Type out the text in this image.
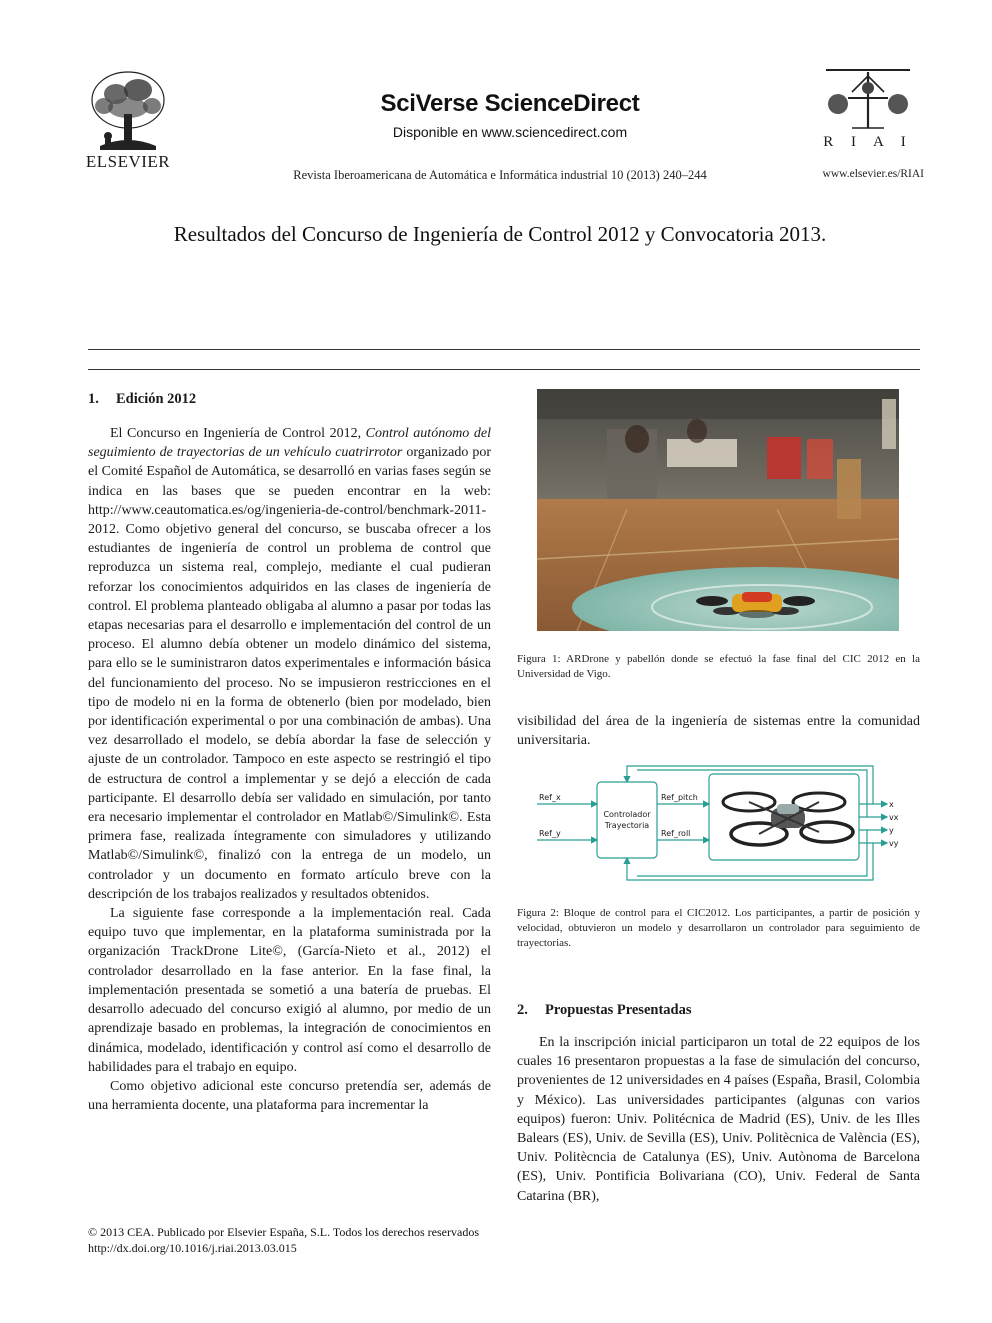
ELSEVIER
SciVerse ScienceDirect
Disponible en www.sciencedirect.com
Revista Iberoamericana de Automática e Informática industrial 10 (2013) 240–244
R I A I
www.elsevier.es/RIAI
Resultados del Concurso de Ingeniería de Control 2012 y Convocatoria 2013.
1. Edición 2012

El Concurso en Ingeniería de Control 2012, Control autónomo del seguimiento de trayectorias de un vehículo cuatrirrotor organizado por el Comité Español de Automática, se desarrolló en varias fases según se indica en las bases que se pueden encontrar en la web: http://www.ceautomatica.es/og/ingenieria-de-control/benchmark-2011-2012. Como objetivo general del concurso, se buscaba ofrecer a los estudiantes de ingeniería de control un problema de control que reproduzca un sistema real, complejo, mediante el cual pudieran reforzar los conocimientos adquiridos en las clases de ingeniería de control. El problema planteado obligaba al alumno a pasar por todas las etapas necesarias para el desarrollo e implementación del control de un proceso. El alumno debía obtener un modelo dinámico del sistema, para ello se le suministraron datos experimentales e información básica del funcionamiento del proceso. No se impusieron restricciones en el tipo de modelo ni en la forma de obtenerlo (bien por modelado, bien por identificación experimental o por una combinación de ambas). Una vez desarrollado el modelo, se debía abordar la fase de selección y ajuste de un controlador. Tampoco en este aspecto se restringió el tipo de estructura de control a implementar y se dejó a elección de cada participante. El desarrollo debía ser validado en simulación, por tanto era necesario implementar el controlador en Matlab©/Simulink©. Esta primera fase, realizada íntegramente con simuladores y utilizando Matlab©/Simulink©, finalizó con la entrega de un modelo, un controlador y un documento en formato artículo breve con la descripción de los trabajos realizados y resultados obtenidos.

La siguiente fase corresponde a la implementación real. Cada equipo tuvo que implementar, en la plataforma suministrada por la organización TrackDrone Lite©, (García-Nieto et al., 2012) el controlador desarrollado en la fase anterior. En la fase final, la implementación presentada se sometió a una batería de pruebas. El desarrollo adecuado del concurso exigió al alumno, por medio de un aprendizaje basado en problemas, la integración de conocimientos en dinámica, modelado, identificación y control así como el desarrollo de habilidades para el trabajo en equipo.

Como objetivo adicional este concurso pretendía ser, además de una herramienta docente, una plataforma para incrementar la

Figura 1: ARDrone y pabellón donde se efectuó la fase final del CIC 2012 en la Universidad de Vigo.

visibilidad del área de la ingeniería de sistemas entre la comunidad universitaria.

Ref_x
Ref_y
Controlador
Trayectoria
Ref_pitch
Ref_roll
x
vx
y
vy
Figura 2: Bloque de control para el CIC2012. Los participantes, a partir de posición y velocidad, obtuvieron un modelo y desarrollaron un controlador para seguimiento de trayectorias.
2. Propuestas Presentadas

En la inscripción inicial participaron un total de 22 equipos de los cuales 16 presentaron propuestas a la fase de simulación del concurso, provenientes de 12 universidades en 4 países (España, Brasil, Colombia y México). Las universidades participantes (algunas con varios equipos) fueron: Univ. Politécnica de Madrid (ES), Univ. de les Illes Balears (ES), Univ. de Sevilla (ES), Univ. Politècnica de València (ES), Univ. Politècncia de Catalunya (ES), Univ. Autònoma de Barcelona (ES), Univ. Pontificia Bolivariana (CO), Univ. Federal de Santa Catarina (BR),

© 2013 CEA. Publicado por Elsevier España, S.L. Todos los derechos reservados
http://dx.doi.org/10.1016/j.riai.2013.03.015
